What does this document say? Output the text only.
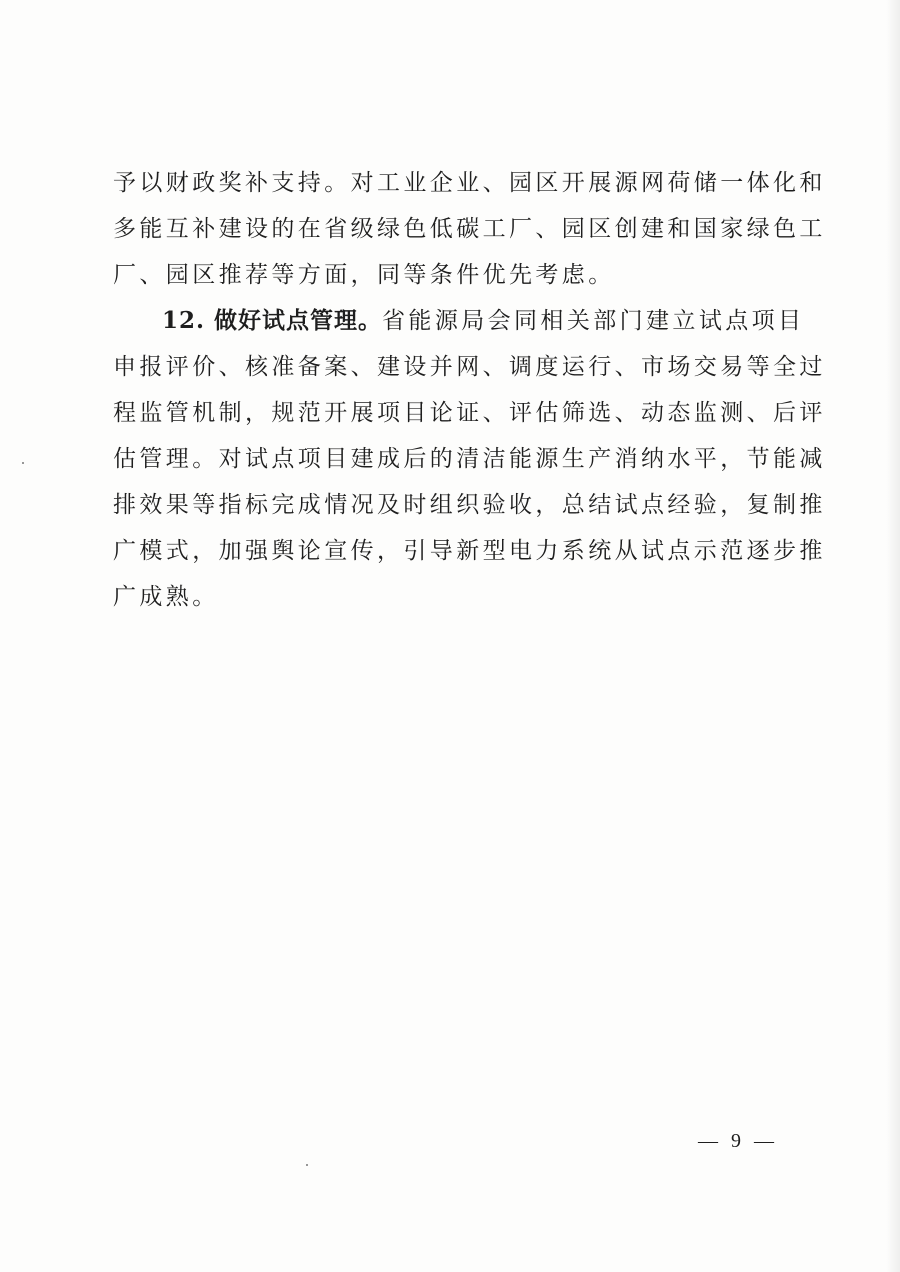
予以财政奖补支持。对工业企业、园区开展源网荷储一体化和
多能互补建设的在省级绿色低碳工厂、园区创建和国家绿色工
厂、园区推荐等方面，同等条件优先考虑。
12. 做好试点管理。省能源局会同相关部门建立试点项目
申报评价、核准备案、建设并网、调度运行、市场交易等全过
程监管机制，规范开展项目论证、评估筛选、动态监测、后评
估管理。对试点项目建成后的清洁能源生产消纳水平，节能减
排效果等指标完成情况及时组织验收，总结试点经验，复制推
广模式，加强舆论宣传，引导新型电力系统从试点示范逐步推
广成熟。
— 9 —
